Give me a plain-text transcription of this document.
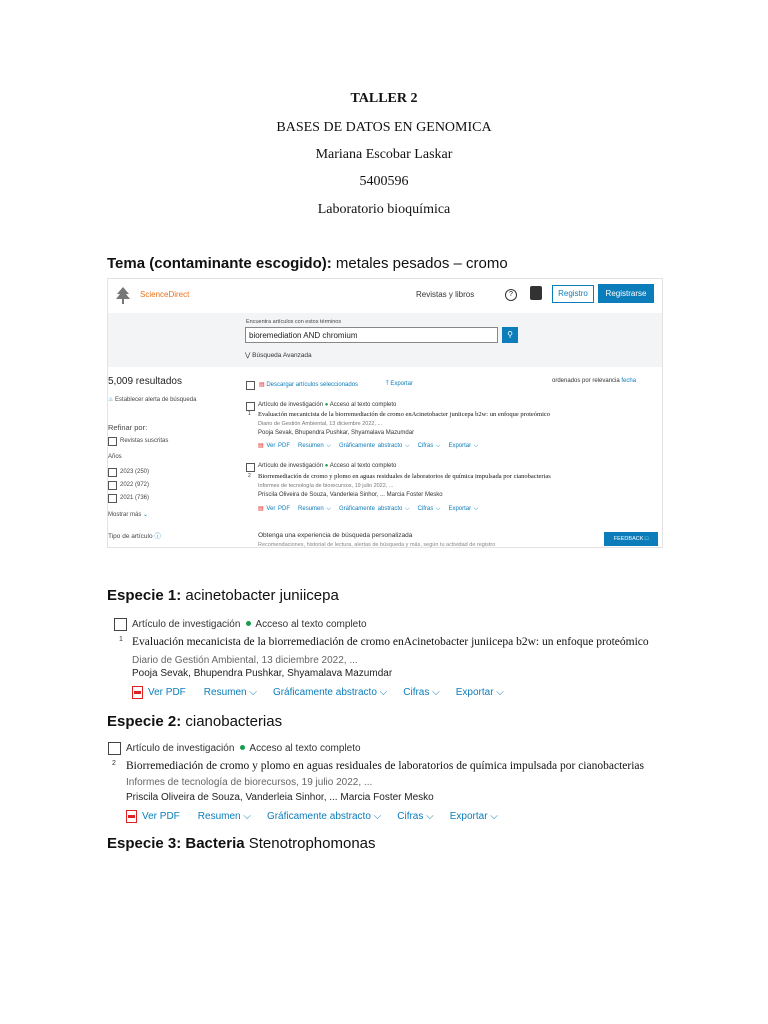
TALLER 2
BASES DE DATOS EN GENOMICA
Mariana Escobar Laskar
5400596
Laboratorio bioquímica
Tema (contaminante escogido): metales pesados – cromo
ScienceDirect	Revistas y libros	?	Registro	Registrarse
Encuentra artículos con estos términos
bioremediation AND chromium	⚲
⋁ Búsqueda Avanzada
5,009 resultados
♨ Establecer alerta de búsqueda
Refinar por:
Revistas suscritas
Años
2023 (250)
2022 (972)
2021 (736)
Mostrar más ⌄
Tipo de artículo ⓘ
▤ Descargar artículos seleccionados	⤒ Exportar	ordenados por relevancia fecha
Artículo de investigación ● Acceso al texto completo
1 Evaluación mecanicista de la biorremediación de cromo enAcinetobacter juniicepa b2w: un enfoque proteómico
Diario de Gestión Ambiental, 13 diciembre 2022, ...
Pooja Sevak, Bhupendra Pushkar, Shyamalava Mazumdar
▤ Ver PDF Resumen ⌵ Gráficamente abstracto ⌵ Cifras ⌵ Exportar ⌵
Artículo de investigación ● Acceso al texto completo
2 Biorremediación de cromo y plomo en aguas residuales de laboratorios de química impulsada por cianobacterias
Informes de tecnología de biorecursos, 19 julio 2022, ...
Priscila Oliveira de Souza, Vanderleia Sinhor, ... Marcia Foster Mesko
▤ Ver PDF Resumen ⌵ Gráficamente abstracto ⌵ Cifras ⌵ Exportar ⌵
Obtenga una experiencia de búsqueda personalizada
Recomendaciones, historial de lectura, alertas de búsqueda y más, según tu actividad de registro
FEEDBACK □
Especie 1: acinetobacter juniicepa
Artículo de investigación Acceso al texto completo
1 Evaluación mecanicista de la biorremediación de cromo enAcinetobacter juniicepa b2w: un enfoque proteómico
Diario de Gestión Ambiental, 13 diciembre 2022, ...
Pooja Sevak, Bhupendra Pushkar, Shyamalava Mazumdar
Ver PDF Resumen ⌵ Gráficamente abstracto ⌵ Cifras ⌵ Exportar ⌵
Especie 2: cianobacterias
Artículo de investigación Acceso al texto completo
2 Biorremediación de cromo y plomo en aguas residuales de laboratorios de química impulsada por cianobacterias
Informes de tecnología de biorecursos, 19 julio 2022, ...
Priscila Oliveira de Souza, Vanderleia Sinhor, ... Marcia Foster Mesko
Ver PDF Resumen ⌵ Gráficamente abstracto ⌵ Cifras ⌵ Exportar ⌵
Especie 3: Bacteria Stenotrophomonas
